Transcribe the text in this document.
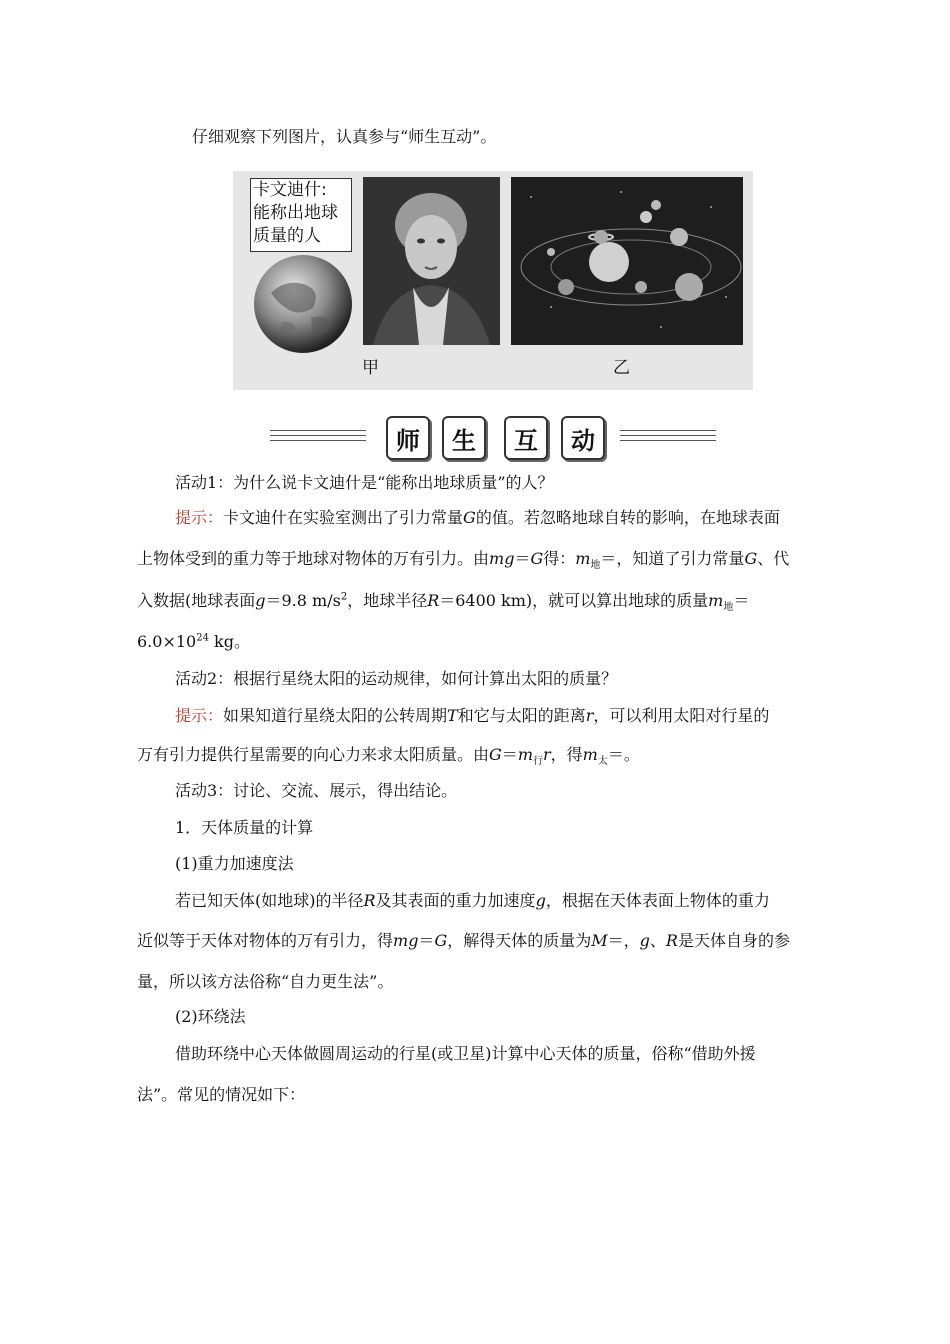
仔细观察下列图片，认真参与“师生互动”。
卡文迪什:
能称出地球
质量的人
甲	乙
师	生	互	动
活动1：为什么说卡文迪什是“能称出地球质量”的人？
提示：卡文迪什在实验室测出了引力常量G的值。若忽略地球自转的影响，在地球表面
上物体受到的重力等于地球对物体的万有引力。由mg＝G得：$m_地=$，知道了引力常量G、代
入数据(地球表面g＝9.8 $m/s^2$，地球半径R＝6400 km)，就可以算出地球的质量$m_地=$
$6.0\times 10^{24}$ kg。
活动2：根据行星绕太阳的运动规律，如何计算出太阳的质量？
提示：如果知道行星绕太阳的公转周期T和它与太阳的距离r，可以利用太阳对行星的
万有引力提供行星需要的向心力来求太阳质量。由$G=m_行r$，得$m_太=$。
活动3：讨论、交流、展示，得出结论。
1．天体质量的计算
(1)重力加速度法
若已知天体(如地球)的半径R及其表面的重力加速度g，根据在天体表面上物体的重力
近似等于天体对物体的万有引力，得mg＝G，解得天体的质量为M＝，g、R是天体自身的参
量，所以该方法俗称“自力更生法”。
(2)环绕法
借助环绕中心天体做圆周运动的行星(或卫星)计算中心天体的质量，俗称“借助外援
法”。常见的情况如下：
